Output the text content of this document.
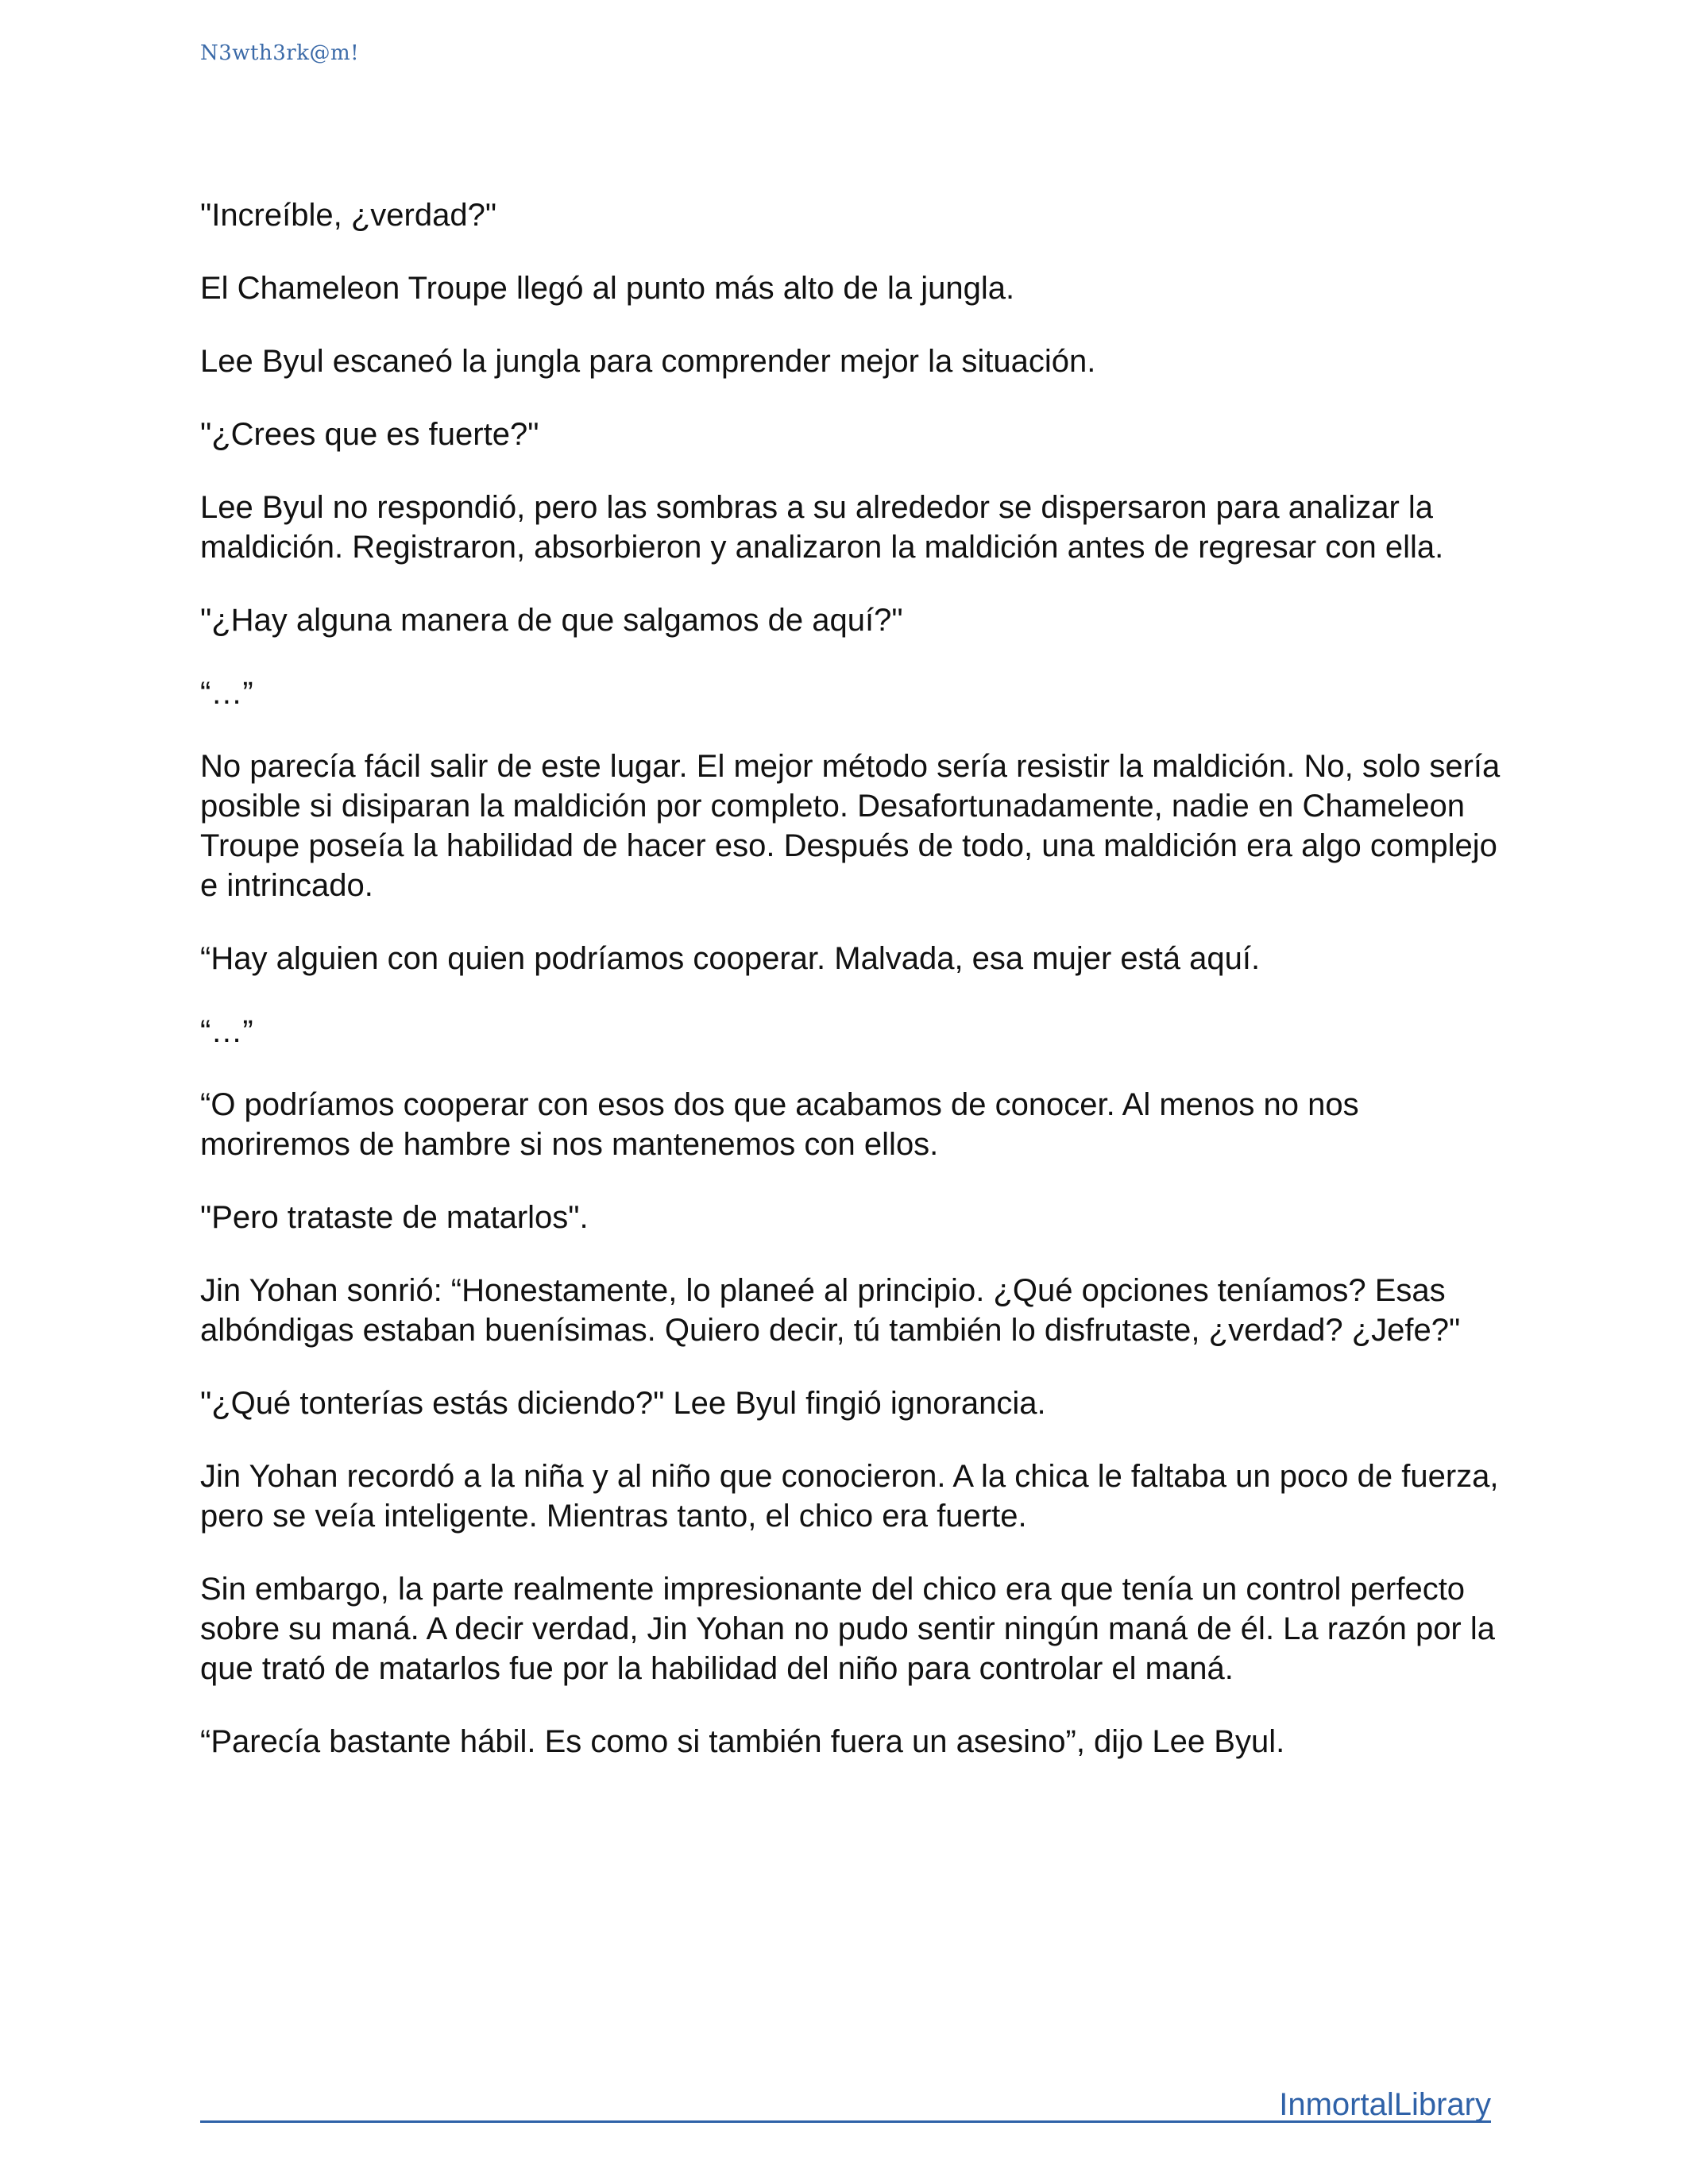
N3wth3rk@m!

"Increíble, ¿verdad?"

El Chameleon Troupe llegó al punto más alto de la jungla.

Lee Byul escaneó la jungla para comprender mejor la situación.

"¿Crees que es fuerte?"

Lee Byul no respondió, pero las sombras a su alrededor se dispersaron para analizar la maldición. Registraron, absorbieron y analizaron la maldición antes de regresar con ella.

"¿Hay alguna manera de que salgamos de aquí?"

“…”

No parecía fácil salir de este lugar. El mejor método sería resistir la maldición. No, solo sería posible si disiparan la maldición por completo. Desafortunadamente, nadie en Chameleon Troupe poseía la habilidad de hacer eso. Después de todo, una maldición era algo complejo e intrincado.

“Hay alguien con quien podríamos cooperar. Malvada, esa mujer está aquí.

“…”

“O podríamos cooperar con esos dos que acabamos de conocer. Al menos no nos moriremos de hambre si nos mantenemos con ellos.

"Pero trataste de matarlos".

Jin Yohan sonrió: “Honestamente, lo planeé al principio. ¿Qué opciones teníamos? Esas albóndigas estaban buenísimas. Quiero decir, tú también lo disfrutaste, ¿verdad? ¿Jefe?"

"¿Qué tonterías estás diciendo?" Lee Byul fingió ignorancia.

Jin Yohan recordó a la niña y al niño que conocieron. A la chica le faltaba un poco de fuerza, pero se veía inteligente. Mientras tanto, el chico era fuerte.

Sin embargo, la parte realmente impresionante del chico era que tenía un control perfecto sobre su maná. A decir verdad, Jin Yohan no pudo sentir ningún maná de él. La razón por la que trató de matarlos fue por la habilidad del niño para controlar el maná.

“Parecía bastante hábil. Es como si también fuera un asesino”, dijo Lee Byul.

InmortalLibrary
